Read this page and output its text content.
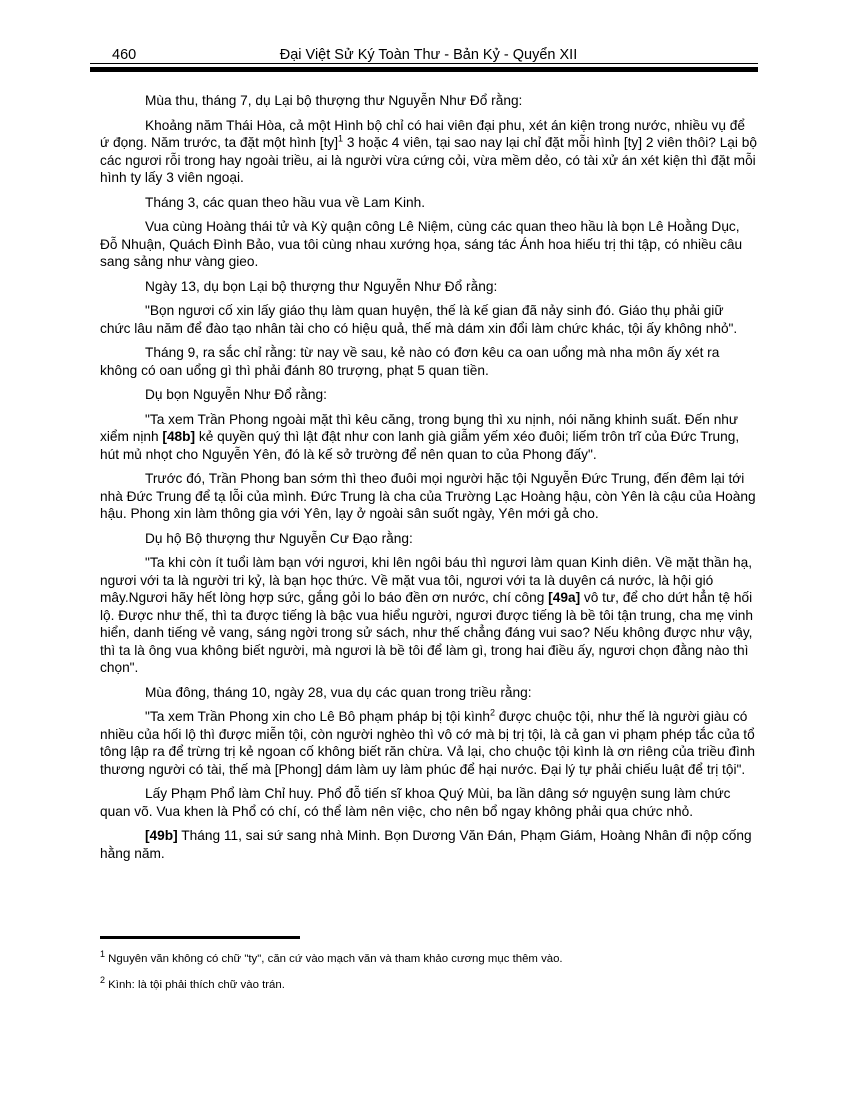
460	Đại Việt Sử Ký Toàn Thư - Bản Kỷ - Quyển XII

Mùa thu, tháng 7, dụ Lại bộ thượng thư Nguyễn Như Đổ rằng:

Khoảng năm Thái Hòa, cả một Hình bộ chỉ có hai viên đại phu, xét án kiện trong nước, nhiều vụ để ứ đọng. Năm trước, ta đặt một hình [ty]$^1$ 3 hoặc 4 viên, tại sao nay lại chỉ đặt mỗi hình [ty] 2 viên thôi? Lại bộ các ngươi rỗi trong hay ngoài triều, ai là người vừa cứng cỏi, vừa mềm dẻo, có tài xử án xét kiện thì đặt mỗi hình ty lấy 3 viên ngoại.

Tháng 3, các quan theo hầu vua về Lam Kinh.

Vua cùng Hoàng thái tử và Kỳ quận công Lê Niệm, cùng các quan theo hầu là bọn Lê Hoằng Dục, Đỗ Nhuận, Quách Đình Bảo, vua tôi cùng nhau xướng họa, sáng tác Ánh hoa hiếu trị thi tập, có nhiều câu sang sảng như vàng gieo.

Ngày 13, dụ bọn Lại bộ thượng thư Nguyễn Như Đổ rằng:

"Bọn ngươi cố xin lấy giáo thụ làm quan huyện, thế là kế gian đã nảy sinh đó. Giáo thụ phải giữ chức lâu năm để đào tạo nhân tài cho có hiệu quả, thế mà dám xin đổi làm chức khác, tội ấy không nhỏ".

Tháng 9, ra sắc chỉ rằng: từ nay về sau, kẻ nào có đơn kêu ca oan uổng mà nha môn ấy xét ra không có oan uổng gì thì phải đánh 80 trượng, phạt 5 quan tiền.

Dụ bọn Nguyễn Như Đổ rằng:

"Ta xem Trần Phong ngoài mặt thì kêu căng, trong bụng thì xu nịnh, nói năng khinh suất. Đến như xiểm nịnh [48b] kẻ quyền quý thì lật đật như con lanh già giẫm yếm xéo đuôi; liếm trôn trĩ của Đức Trung, hút mủ nhọt cho Nguyễn Yên, đó là kế sở trường để nên quan to của Phong đấy".

Trước đó, Trần Phong ban sớm thì theo đuôi mọi người hặc tội Nguyễn Đức Trung, đến đêm lại tới nhà Đức Trung để tạ lỗi của mình. Đức Trung là cha của Trường Lạc Hoàng hậu, còn Yên là cậu của Hoàng hậu. Phong xin làm thông gia với Yên, lạy ở ngoài sân suốt ngày, Yên mới gả cho.

Dụ hộ Bộ thượng thư Nguyễn Cư Đạo rằng:

"Ta khi còn ít tuổi làm bạn với ngươi, khi lên ngôi báu thì ngươi làm quan Kinh diên. Về mặt thần hạ, ngươi với ta là người tri kỷ, là bạn học thức. Về mặt vua tôi, ngươi với ta là duyên cá nước, là hội gió mây.Ngươi hãy hết lòng hợp sức, gắng gỏi lo báo đền ơn nước, chí công [49a] vô tư, để cho dứt hẳn tệ hối lộ. Được như thế, thì ta được tiếng là bậc vua hiểu người, ngươi được tiếng là bề tôi tận trung, cha mẹ vinh hiển, danh tiếng vẻ vang, sáng ngời trong sử sách, như thế chẳng đáng vui sao? Nếu không được như vậy, thì ta là ông vua không biết người, mà ngươi là bề tôi để làm gì, trong hai điều ấy, ngươi chọn đằng nào thì chọn".

Mùa đông, tháng 10, ngày 28, vua dụ các quan trong triều rằng:

"Ta xem Trần Phong xin cho Lê Bô phạm pháp bị tội kình$^2$ được chuộc tội, như thế là người giàu có nhiều của hối lộ thì được miễn tội, còn người nghèo thì vô cớ mà bị trị tội, là cả gan vi phạm phép tắc của tổ tông lập ra để trừng trị kẻ ngoan cố không biết răn chừa. Vả lại, cho chuộc tội kình là ơn riêng của triều đình thương người có tài, thế mà [Phong] dám làm uy làm phúc để hại nước. Đại lý tự phải chiếu luật để trị tội".

Lấy Phạm Phổ làm Chỉ huy. Phổ đỗ tiến sĩ khoa Quý Mùi, ba lần dâng sớ nguyện sung làm chức quan võ. Vua khen là Phổ có chí, có thể làm nên việc, cho nên bổ ngay không phải qua chức nhỏ.

[49b] Tháng 11, sai sứ sang nhà Minh. Bọn Dương Văn Đán, Phạm Giám, Hoàng Nhân đi nộp cống hằng năm.

$^1$ Nguyên văn không có chữ "ty", căn cứ vào mạch văn và tham khảo cương mục thêm vào.

$^2$ Kình: là tội phải thích chữ vào trán.
